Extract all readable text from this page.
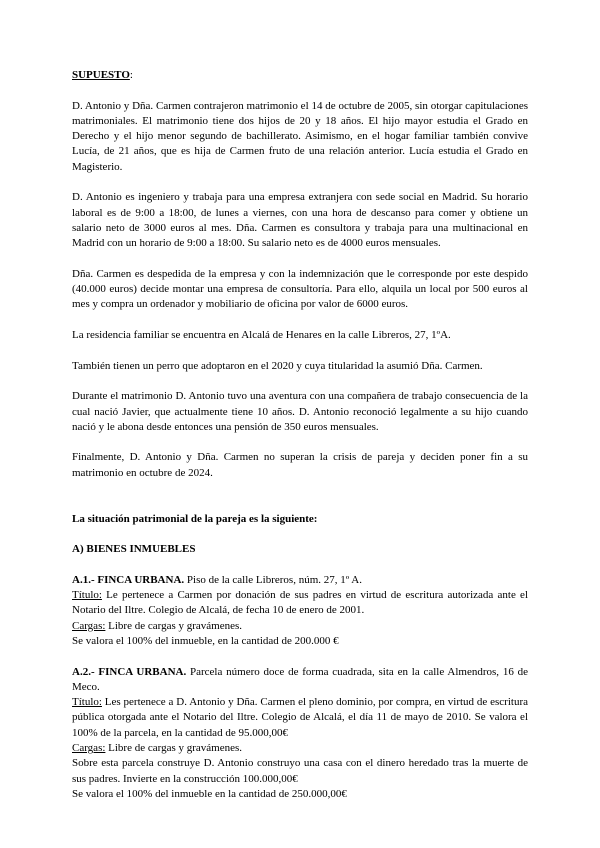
SUPUESTO:

D. Antonio y Dña. Carmen contrajeron matrimonio el 14 de octubre de 2005, sin otorgar capitulaciones matrimoniales. El matrimonio tiene dos hijos de 20 y 18 años. El hijo mayor estudia el Grado en Derecho y el hijo menor segundo de bachillerato. Asimismo, en el hogar familiar también convive Lucía, de 21 años, que es hija de Carmen fruto de una relación anterior. Lucía estudia el Grado en Magisterio.

D. Antonio es ingeniero y trabaja para una empresa extranjera con sede social en Madrid. Su horario laboral es de 9:00 a 18:00, de lunes a viernes, con una hora de descanso para comer y obtiene un salario neto de 3000 euros al mes. Dña. Carmen es consultora y trabaja para una multinacional en Madrid con un horario de 9:00 a 18:00. Su salario neto es de 4000 euros mensuales.

Dña. Carmen es despedida de la empresa y con la indemnización que le corresponde por este despido (40.000 euros) decide montar una empresa de consultoría. Para ello, alquila un local por 500 euros al mes y compra un ordenador y mobiliario de oficina por valor de 6000 euros.

La residencia familiar se encuentra en Alcalá de Henares en la calle Libreros, 27, 1ºA.

También tienen un perro que adoptaron en el 2020 y cuya titularidad la asumió Dña. Carmen.

Durante el matrimonio D. Antonio tuvo una aventura con una compañera de trabajo consecuencia de la cual nació Javier, que actualmente tiene 10 años. D. Antonio reconoció legalmente a su hijo cuando nació y le abona desde entonces una pensión de 350 euros mensuales.

Finalmente, D. Antonio y Dña. Carmen no superan la crisis de pareja y deciden poner fin a su matrimonio en octubre de 2024.

La situación patrimonial de la pareja es la siguiente:

A) BIENES INMUEBLES

A.1.- FINCA URBANA. Piso de la calle Libreros, núm. 27, 1º A.
Título: Le pertenece a Carmen por donación de sus padres en virtud de escritura autorizada ante el Notario del Iltre. Colegio de Alcalá, de fecha 10 de enero de 2001.
Cargas: Libre de cargas y gravámenes.
Se valora el 100% del inmueble, en la cantidad de 200.000 €
A.2.- FINCA URBANA. Parcela número doce de forma cuadrada, sita en la calle Almendros, 16 de Meco.
Título: Les pertenece a D. Antonio y Dña. Carmen el pleno dominio, por compra, en virtud de escritura pública otorgada ante el Notario del Iltre. Colegio de Alcalá, el día 11 de mayo de 2010. Se valora el 100% de la parcela, en la cantidad de 95.000,00€
Cargas: Libre de cargas y gravámenes.
Sobre esta parcela construye D. Antonio construyo una casa con el dinero heredado tras la muerte de sus padres. Invierte en la construcción 100.000,00€
Se valora el 100% del inmueble en la cantidad de 250.000,00€
